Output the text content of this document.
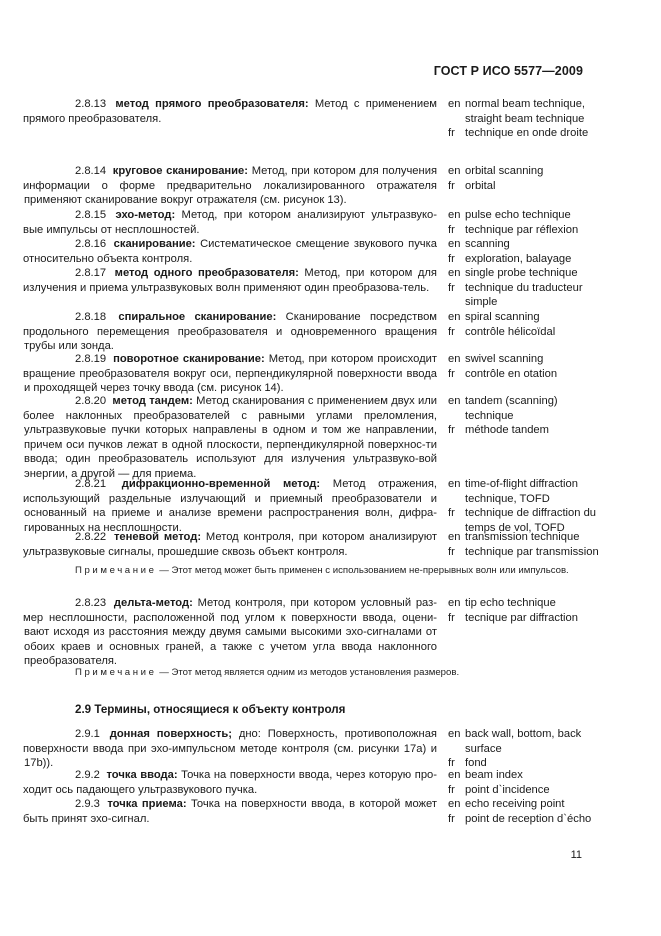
ГОСТ Р ИСО 5577—2009
2.8.13 метод прямого преобразователя: Метод с применением прямого преобразователя.
en normal beam technique, straight beam technique
fr technique en onde droite
2.8.14 круговое сканирование: Метод, при котором для получения информации о форме предварительно локализированного отражателя применяют сканирование вокруг отражателя (см. рисунок 13).
en orbital scanning
fr orbital
2.8.15 эхо-метод: Метод, при котором анализируют ультразвуко- вые импульсы от несплошностей.
en pulse echo technique
fr technique par réflexion
2.8.16 сканирование: Систематическое смещение звукового пучка относительно объекта контроля.
en scanning
fr exploration, balayage
2.8.17 метод одного преобразователя: Метод, при котором для излучения и приема ультразвуковых волн применяют один преобразова-тель.
en single probe technique
fr technique du traducteur simple
2.8.18 спиральное сканирование: Сканирование посредством продольного перемещения преобразователя и одновременного вращения трубы или зонда.
en spiral scanning
fr contrôle hélicoïdal
2.8.19 поворотное сканирование: Метод, при котором происходит вращение преобразователя вокруг оси, перпендикулярной поверхности ввода и проходящей через точку ввода (см. рисунок 14).
en swivel scanning
fr contrôle en otation
2.8.20 метод тандем: Метод сканирования с применением двух или более наклонных преобразователей с равными углами преломления, ультразвуковые пучки которых направлены в одном и том же направлении, причем оси пучков лежат в одной плоскости, перпендикулярной поверхнос-ти ввода; один преобразователь используют для излучения ультразвуко-вой энергии, а другой — для приема.
en tandem (scanning) technique
fr méthode tandem
2.8.21 дифракционно-временной метод: Метод отражения, использующий раздельные излучающий и приемный преобразователи и основанный на приеме и анализе времени распространения волн, дифра-гированных на несплошности.
en time-of-flight diffraction technique, TOFD
fr technique de diffraction du temps de vol, TOFD
2.8.22 теневой метод: Метод контроля, при котором анализируют ультразвуковые сигналы, прошедшие сквозь объект контроля.
en transmission technique
fr technique par transmission
Примечание — Этот метод может быть применен с использованием не-прерывных волн или импульсов.
2.8.23 дельта-метод: Метод контроля, при котором условный раз- мер несплошности, расположенной под углом к поверхности ввода, оцени-вают исходя из расстояния между двумя самыми высокими эхо-сигналами от обоих краев и основных граней, а также с учетом угла ввода наклонного преобразователя.
en tip echo technique
fr tecnique par diffraction
Примечание — Этот метод является одним из методов установления размеров.
2.9 Термины, относящиеся к объекту контроля
2.9.1 донная поверхность; дно: Поверхность, противоположная поверхности ввода при эхо-импульсном методе контроля (см. рисунки 17а) и 17b)).
en back wall, bottom, back surface
fr fond
2.9.2 точка ввода: Точка на поверхности ввода, через которую про- ходит ось падающего ультразвукового пучка.
en beam index
fr point d`incidence
2.9.3 точка приема: Точка на поверхности ввода, в которой может быть принят эхо-сигнал.
en echo receiving point
fr point de reception d`écho
11
